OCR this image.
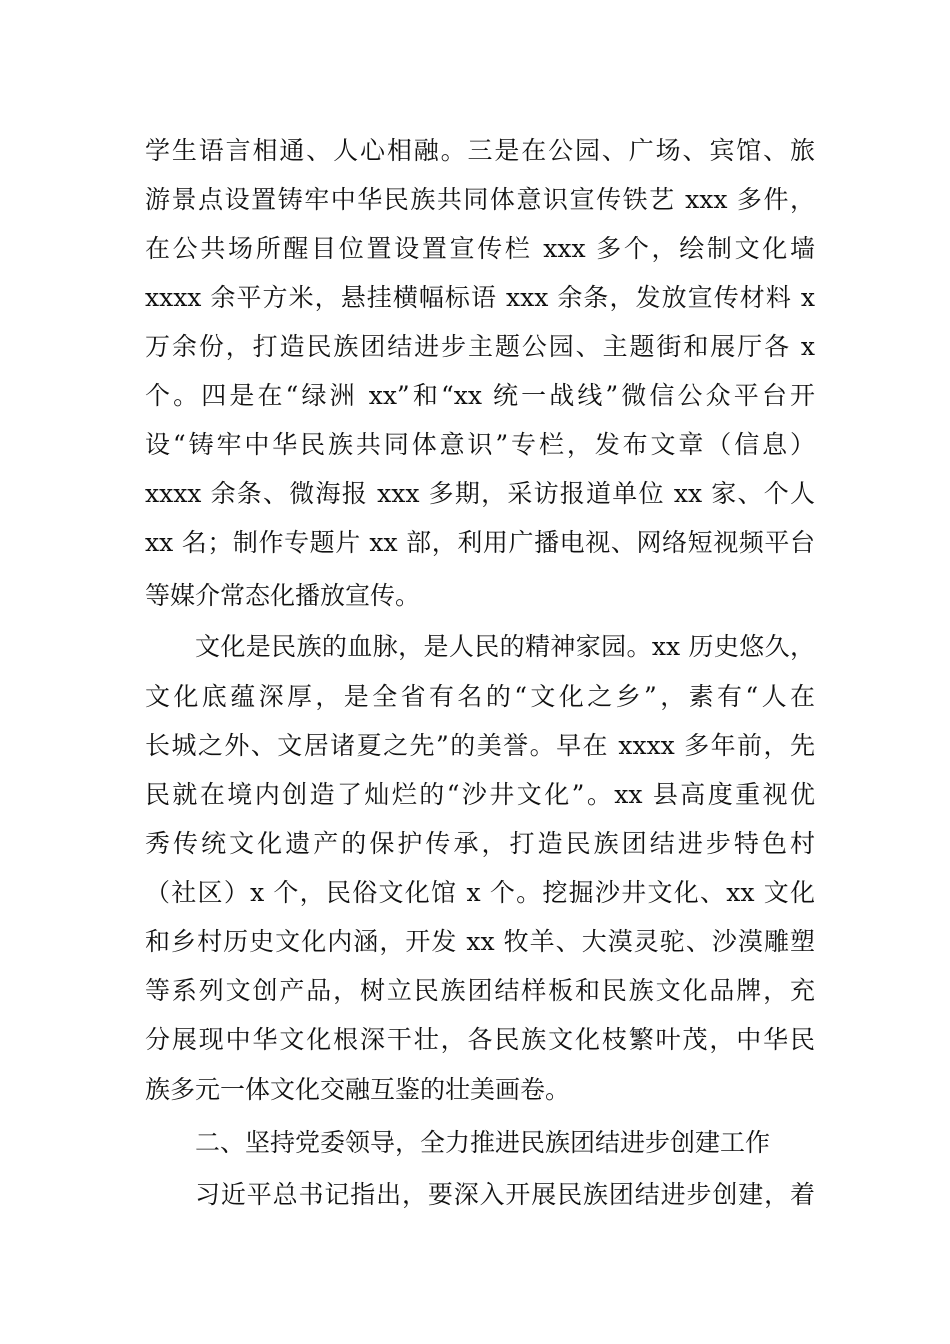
学生语言相通、人心相融。三是在公园、广场、宾馆、旅
游景点设置铸牢中华民族共同体意识宣传铁艺 xxx 多件，
在公共场所醒目位置设置宣传栏 xxx 多个，绘制文化墙
xxxx 余平方米，悬挂横幅标语 xxx 余条，发放宣传材料 x
万余份，打造民族团结进步主题公园、主题街和展厅各 x
个。四是在“绿洲 xx”和“xx 统一战线”微信公众平台开
设“铸牢中华民族共同体意识”专栏，发布文章（信息）
xxxx 余条、微海报 xxx 多期，采访报道单位 xx 家、个人
xx 名；制作专题片 xx 部，利用广播电视、网络短视频平台
等媒介常态化播放宣传。
文化是民族的血脉，是人民的精神家园。xx 历史悠久，
文化底蕴深厚，是全省有名的“文化之乡”，素有“人在
长城之外、文居诸夏之先”的美誉。早在 xxxx 多年前，先
民就在境内创造了灿烂的“沙井文化”。xx 县高度重视优
秀传统文化遗产的保护传承，打造民族团结进步特色村
（社区）x 个，民俗文化馆 x 个。挖掘沙井文化、xx 文化
和乡村历史文化内涵，开发 xx 牧羊、大漠灵驼、沙漠雕塑
等系列文创产品，树立民族团结样板和民族文化品牌，充
分展现中华文化根深干壮，各民族文化枝繁叶茂，中华民
族多元一体文化交融互鉴的壮美画卷。
二、坚持党委领导，全力推进民族团结进步创建工作
习近平总书记指出，要深入开展民族团结进步创建，着
